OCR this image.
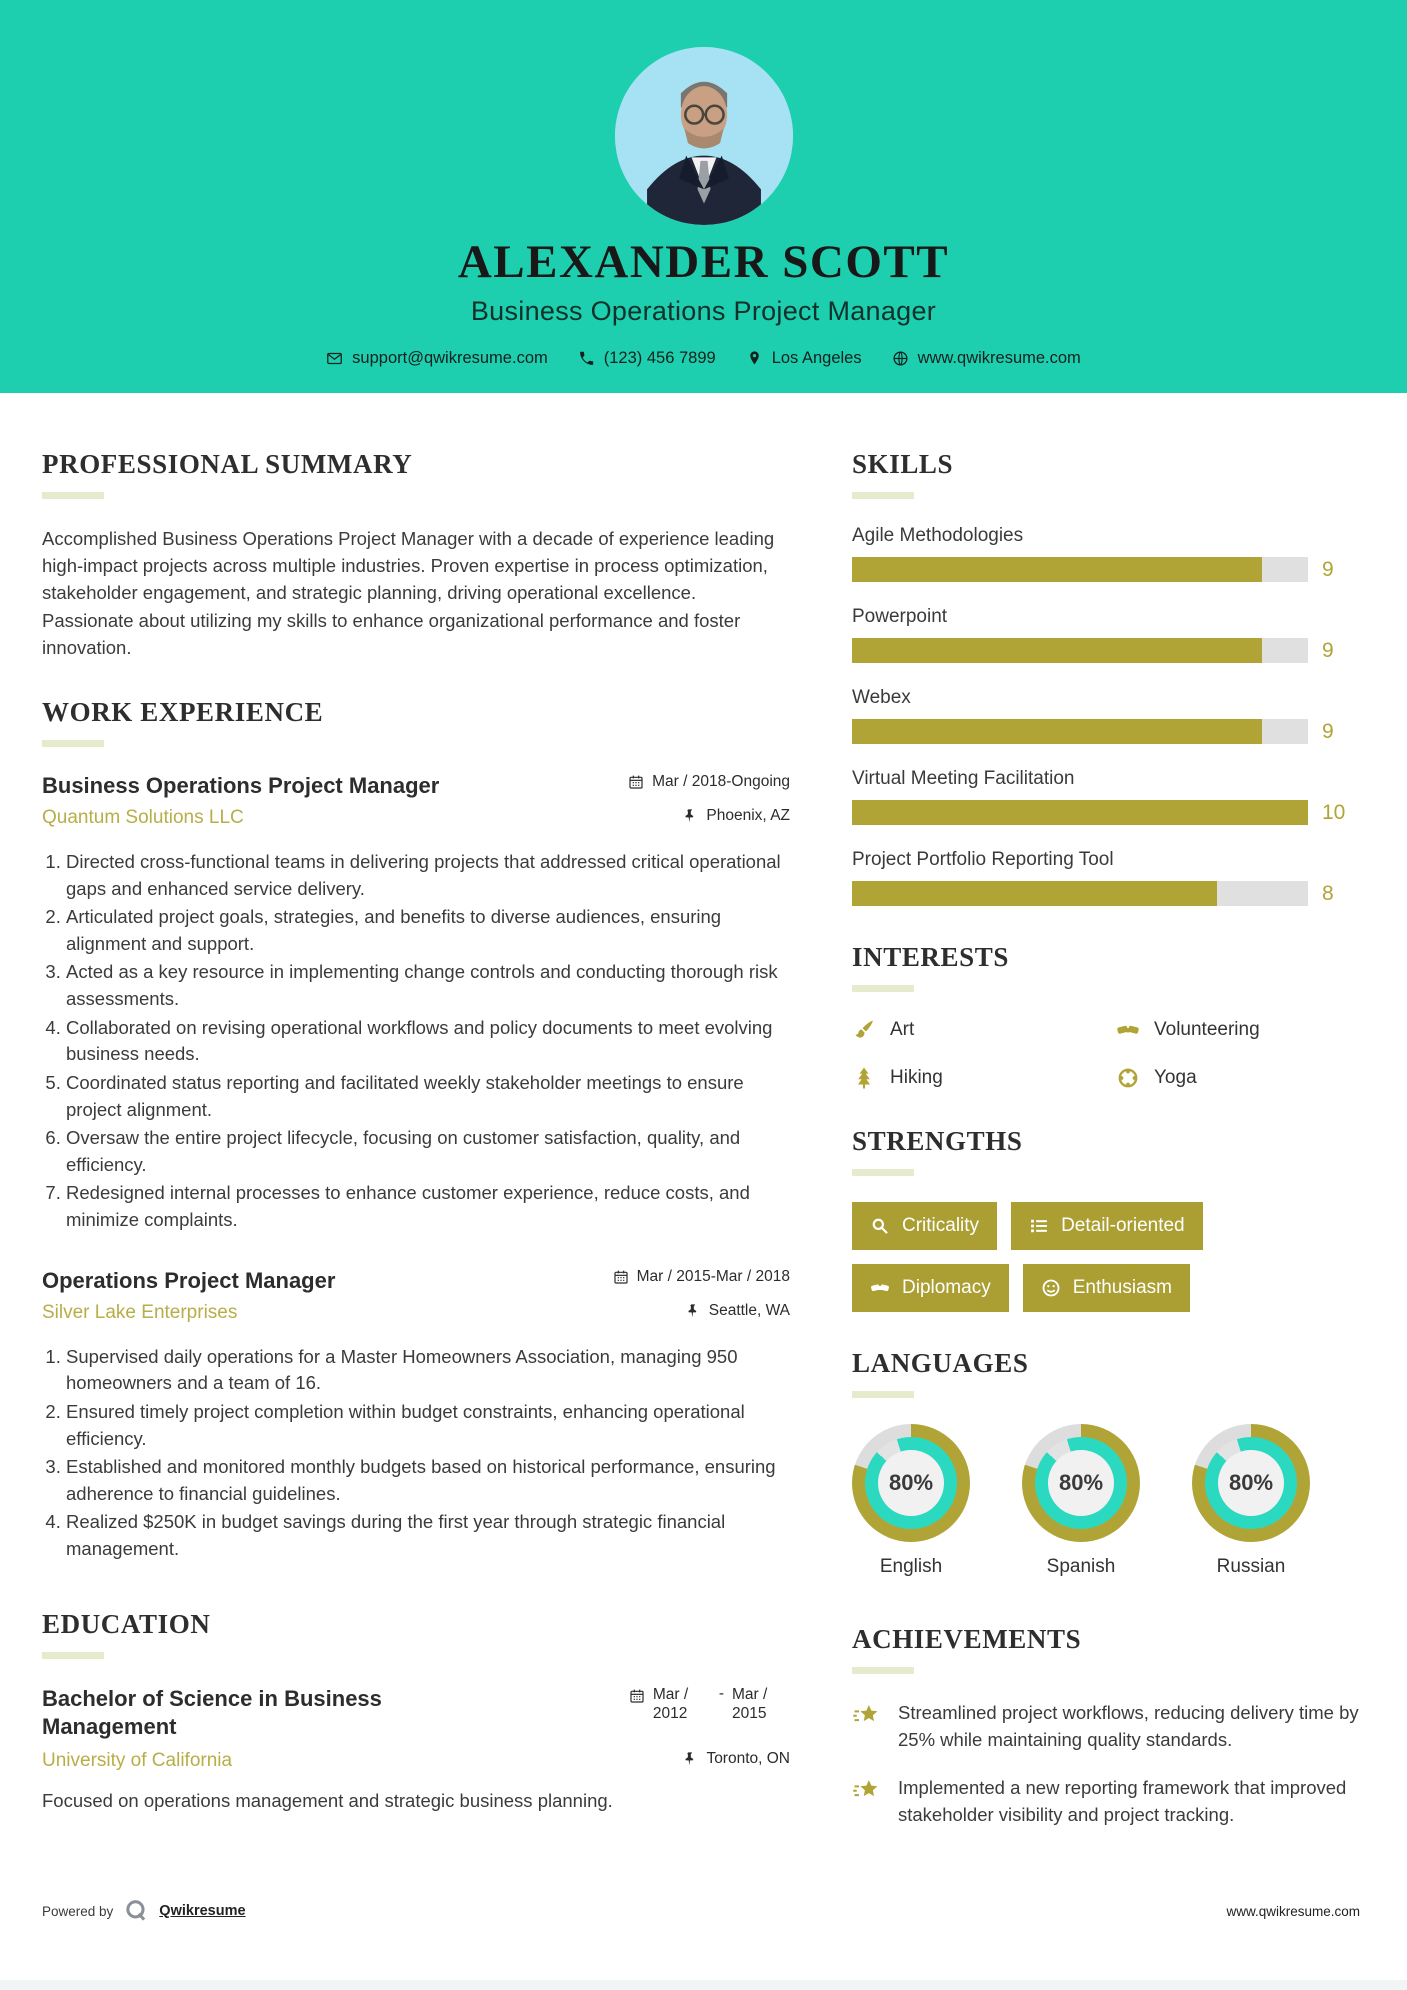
ALEXANDER SCOTT
Business Operations Project Manager
support@qwikresume.com	(123) 456 7899	Los Angeles	www.qwikresume.com
PROFESSIONAL SUMMARY

Accomplished Business Operations Project Manager with a decade of experience leading high-impact projects across multiple industries. Proven expertise in process optimization, stakeholder engagement, and strategic planning, driving operational excellence. Passionate about utilizing my skills to enhance organizational performance and foster innovation.

WORK EXPERIENCE
Business Operations Project Manager	Mar / 2018-Ongoing
Quantum Solutions LLC	Phoenix, AZ
1. Directed cross-functional teams in delivering projects that addressed critical operational gaps and enhanced service delivery.
2. Articulated project goals, strategies, and benefits to diverse audiences, ensuring alignment and support.
3. Acted as a key resource in implementing change controls and conducting thorough risk assessments.
4. Collaborated on revising operational workflows and policy documents to meet evolving business needs.
5. Coordinated status reporting and facilitated weekly stakeholder meetings to ensure project alignment.
6. Oversaw the entire project lifecycle, focusing on customer satisfaction, quality, and efficiency.
7. Redesigned internal processes to enhance customer experience, reduce costs, and minimize complaints.
Operations Project Manager	Mar / 2015-Mar / 2018
Silver Lake Enterprises	Seattle, WA
1. Supervised daily operations for a Master Homeowners Association, managing 950 homeowners and a team of 16.
2. Ensured timely project completion within budget constraints, enhancing operational efficiency.
3. Established and monitored monthly budgets based on historical performance, ensuring adherence to financial guidelines.
4. Realized $250K in budget savings during the first year through strategic financial management.
EDUCATION
Bachelor of Science in Business Management
Mar / 2012
- Mar / 2015
University of California	Toronto, ON

Focused on operations management and strategic business planning.

SKILLS
Agile Methodologies
9
Powerpoint
9
Webex
9
Virtual Meeting Facilitation
10
Project Portfolio Reporting Tool
8
INTERESTS
Art	Volunteering
Hiking	Yoga
STRENGTHS
Criticality	Detail-oriented
Diplomacy	Enthusiasm
LANGUAGES
80%
English
80%
Spanish
80%
Russian
ACHIEVEMENTS
Streamlined project workflows, reducing delivery time by 25% while maintaining quality standards.
Implemented a new reporting framework that improved stakeholder visibility and project tracking.
Powered by	Qwikresume	www.qwikresume.com
